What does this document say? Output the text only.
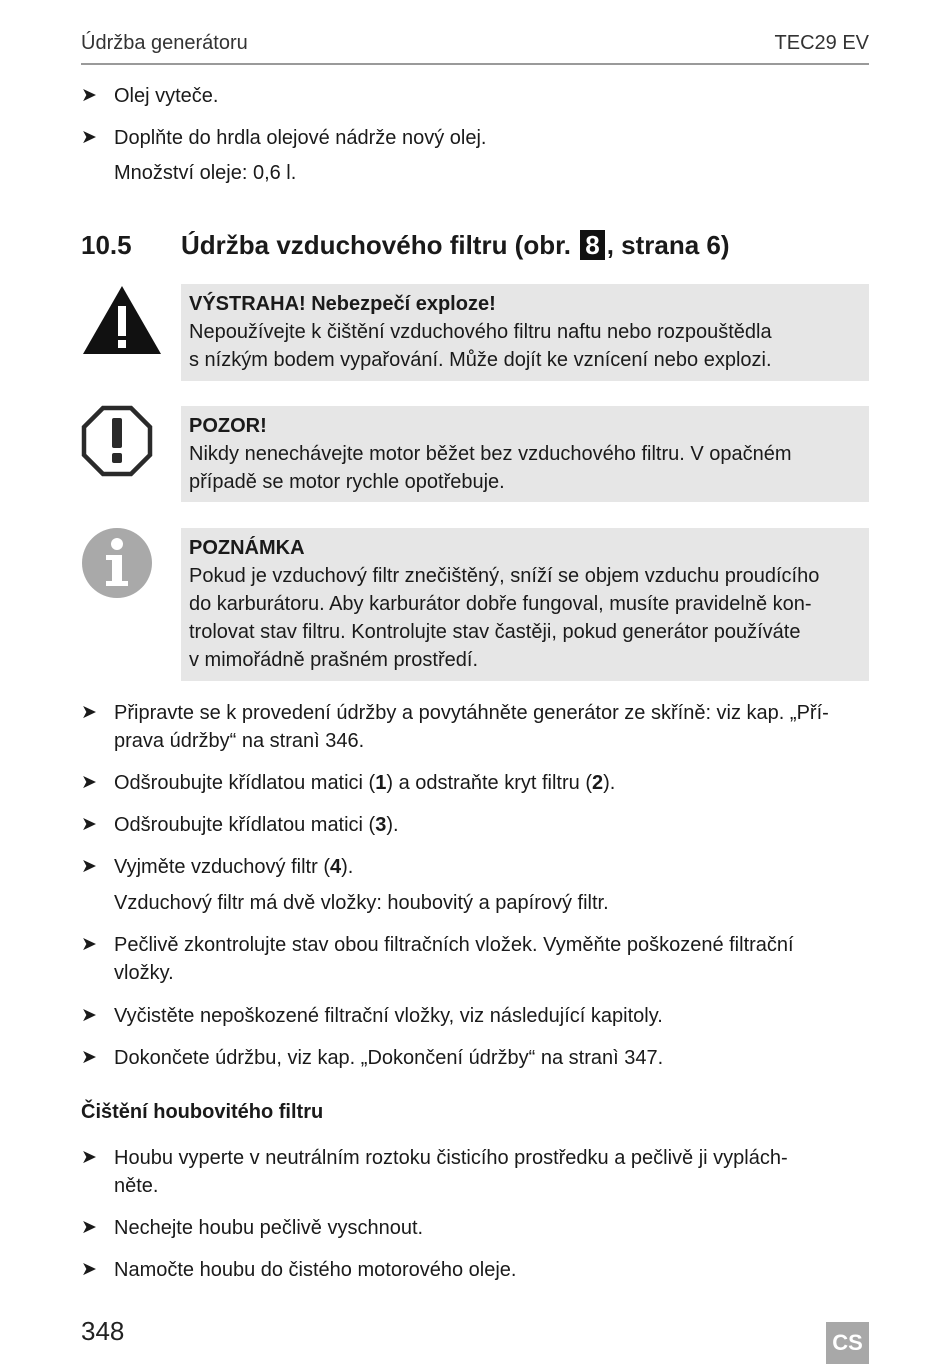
Údržba generátoru	TEC29 EV
➤ Olej vyteče.
➤ Doplňte do hrdla olejové nádrže nový olej.
Množství oleje: 0,6 l.
10.5 Údržba vzduchového filtru (obr. 8 , strana 6)
VÝSTRAHA! Nebezpečí exploze!
Nepoužívejte k čištění vzduchového filtru naftu nebo rozpouštědla
s nízkým bodem vypařování. Může dojít ke vznícení nebo explozi.
POZOR!
Nikdy nenechávejte motor běžet bez vzduchového filtru. V opačném
případě se motor rychle opotřebuje.
POZNÁMKA
Pokud je vzduchový filtr znečištěný, sníží se objem vzduchu proudícího
do karburátoru. Aby karburátor dobře fungoval, musíte pravidelně kon-
trolovat stav filtru. Kontrolujte stav častěji, pokud generátor používáte
v mimořádně prašném prostředí.
➤ Připravte se k provedení údržby a povytáhněte generátor ze skříně: viz kap. „Pří-
prava údržby“ na stranì 346.
➤ Odšroubujte křídlatou matici (1) a odstraňte kryt filtru (2).
➤ Odšroubujte křídlatou matici (3).
➤ Vyjměte vzduchový filtr (4).
Vzduchový filtr má dvě vložky: houbovitý a papírový filtr.
➤ Pečlivě zkontrolujte stav obou filtračních vložek. Vyměňte poškozené filtrační
vložky.
➤ Vyčistěte nepoškozené filtrační vložky, viz následující kapitoly.
➤ Dokončete údržbu, viz kap. „Dokončení údržby“ na stranì 347.
Čištění houbovitého filtru
➤ Houbu vyperte v neutrálním roztoku čisticího prostředku a pečlivě ji vyplách-
něte.
➤ Nechejte houbu pečlivě vyschnout.
➤ Namočte houbu do čistého motorového oleje.
348	CS
